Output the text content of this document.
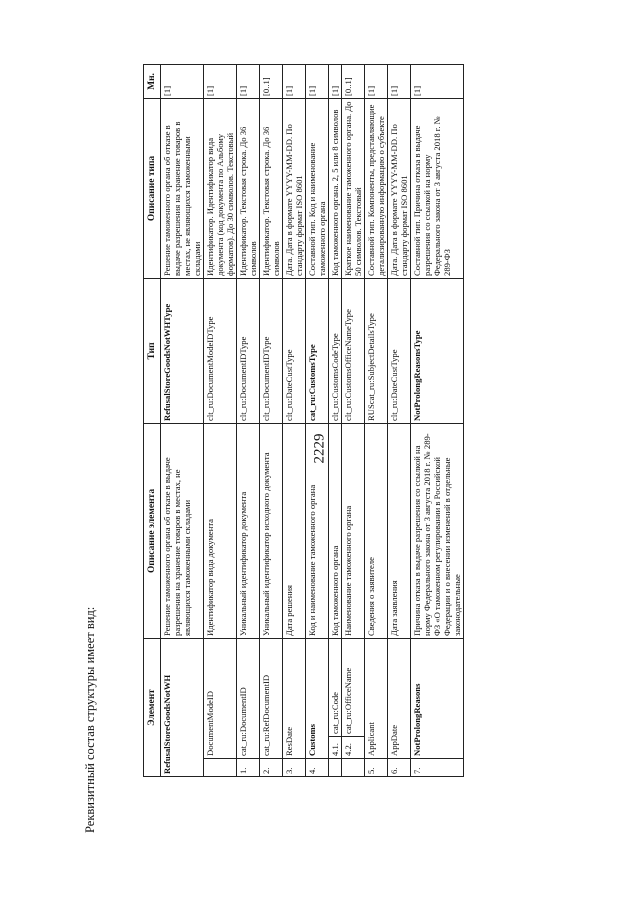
2229
Реквизитный состав структуры имеет вид:	Элемент			Описание элемента	Тип	Описание типа	Мн.
RefusalStoreGoodsNotWH			Решение таможенного органа об отказе в выдаче разрешения на хранение товаров в местах, не являющихся таможенными складами	RefusalStoreGoodsNotWHType	Решение таможенного органа об отказе в выдаче разрешения на хранение товаров в местах, не являющихся таможенными складами	[1]
	DocumentModeID		Идентификатор вида документа	clt_ru:DocumentModeIDType	Идентификатор. Идентификатор вида документа (код документа по Альбому форматов). До 30 символов. Текстовый	[1]
1.	cat_ru:DocumentID		Уникальный идентификатор документа	clt_ru:DocumentIDType	Идентификатор. Текстовая строка. До 36 символов	[1]
2.	cat_ru:RefDocumentID		Уникальный идентификатор исходного документа	clt_ru:DocumentIDType	Идентификатор. Текстовая строка. До 36 символов	[0..1]
3.	ResDate		Дата решения	clt_ru:DateCustType	Дата. Дата в формате YYYY-MM-DD. По стандарту формат ISO 8601	[1]
4.	Customs		Код и наименование таможенного органа	cat_ru:CustomsType	Составной тип. Код и наименование таможенного органа	[1]
	4.1.	cat_ru:Code	Код таможенного органа	clt_ru:CustomsCodeType	Код таможенного органа. 2, 5 или 8 символов	[1]
	4.2.	cat_ru:OfficeName	Наименование таможенного органа	clt_ru:CustomsOfficeNameType	Краткое наименование таможенного органа. До 50 символов. Текстовый	[0..1]
5.	Applicant		Сведения о заявителе	RUScat_ru:SubjectDetailsType	Составной тип. Компоненты, представляющие детализированную информацию о субъекте	[1]
6.	AppDate		Дата заявления	clt_ru:DateCustType	Дата. Дата в формате YYYY-MM-DD. По стандарту формат ISO 8601	[1]
7.	NotProlongReasons		Причина отказа в выдаче разрешения со ссылкой на норму Федерального закона от 3 августа 2018 г. № 289-ФЗ «О таможенном регулировании в Российской Федерации и о внесении изменений в отдельные законодательные	NotProlongReasonsType	Составной тип. Причина отказа в выдаче разрешения со ссылкой на норму Федерального закона от 3 августа 2018 г. № 289-ФЗ	[1]
